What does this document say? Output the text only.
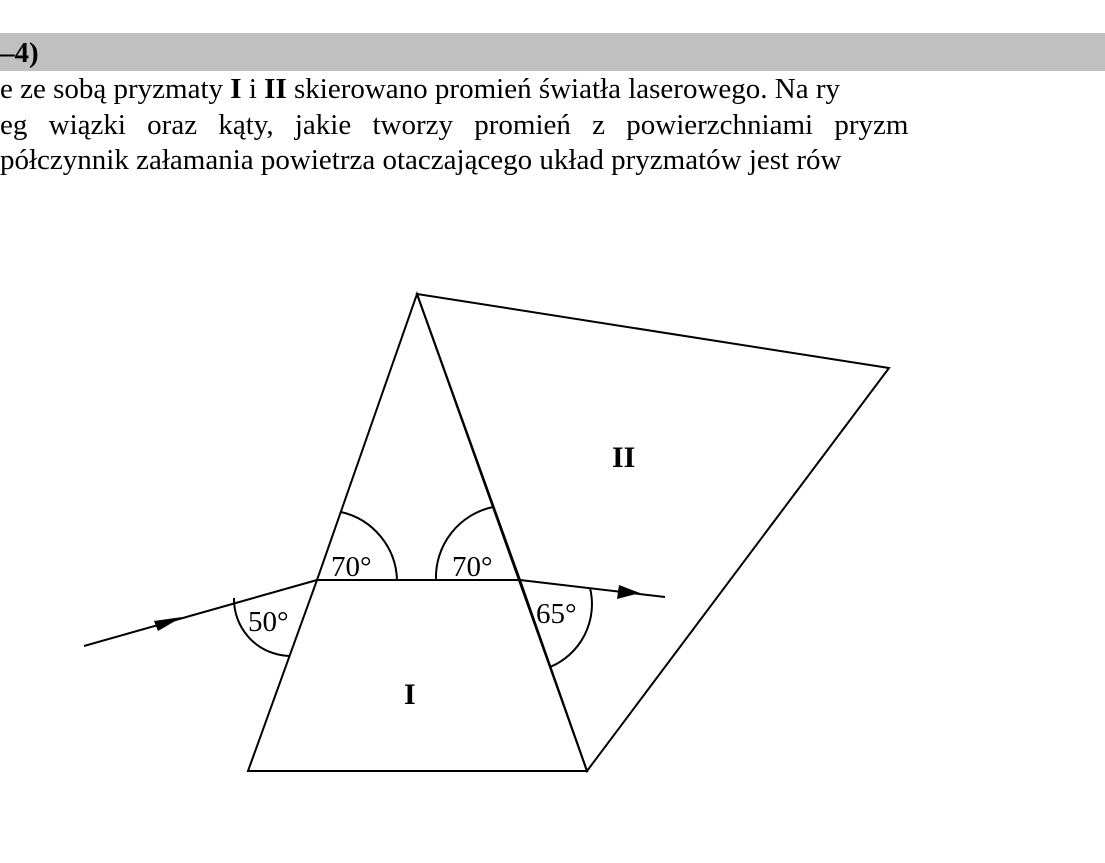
–4)
e ze sobą pryzmaty I i II skierowano promień światła laserowego. Na ry
eg wiązki oraz kąty, jakie tworzy promień z powierzchniami pryzm
półczynnik załamania powietrza otaczającego układ pryzmatów jest rów
70°	70°
50°	65°
I
II
